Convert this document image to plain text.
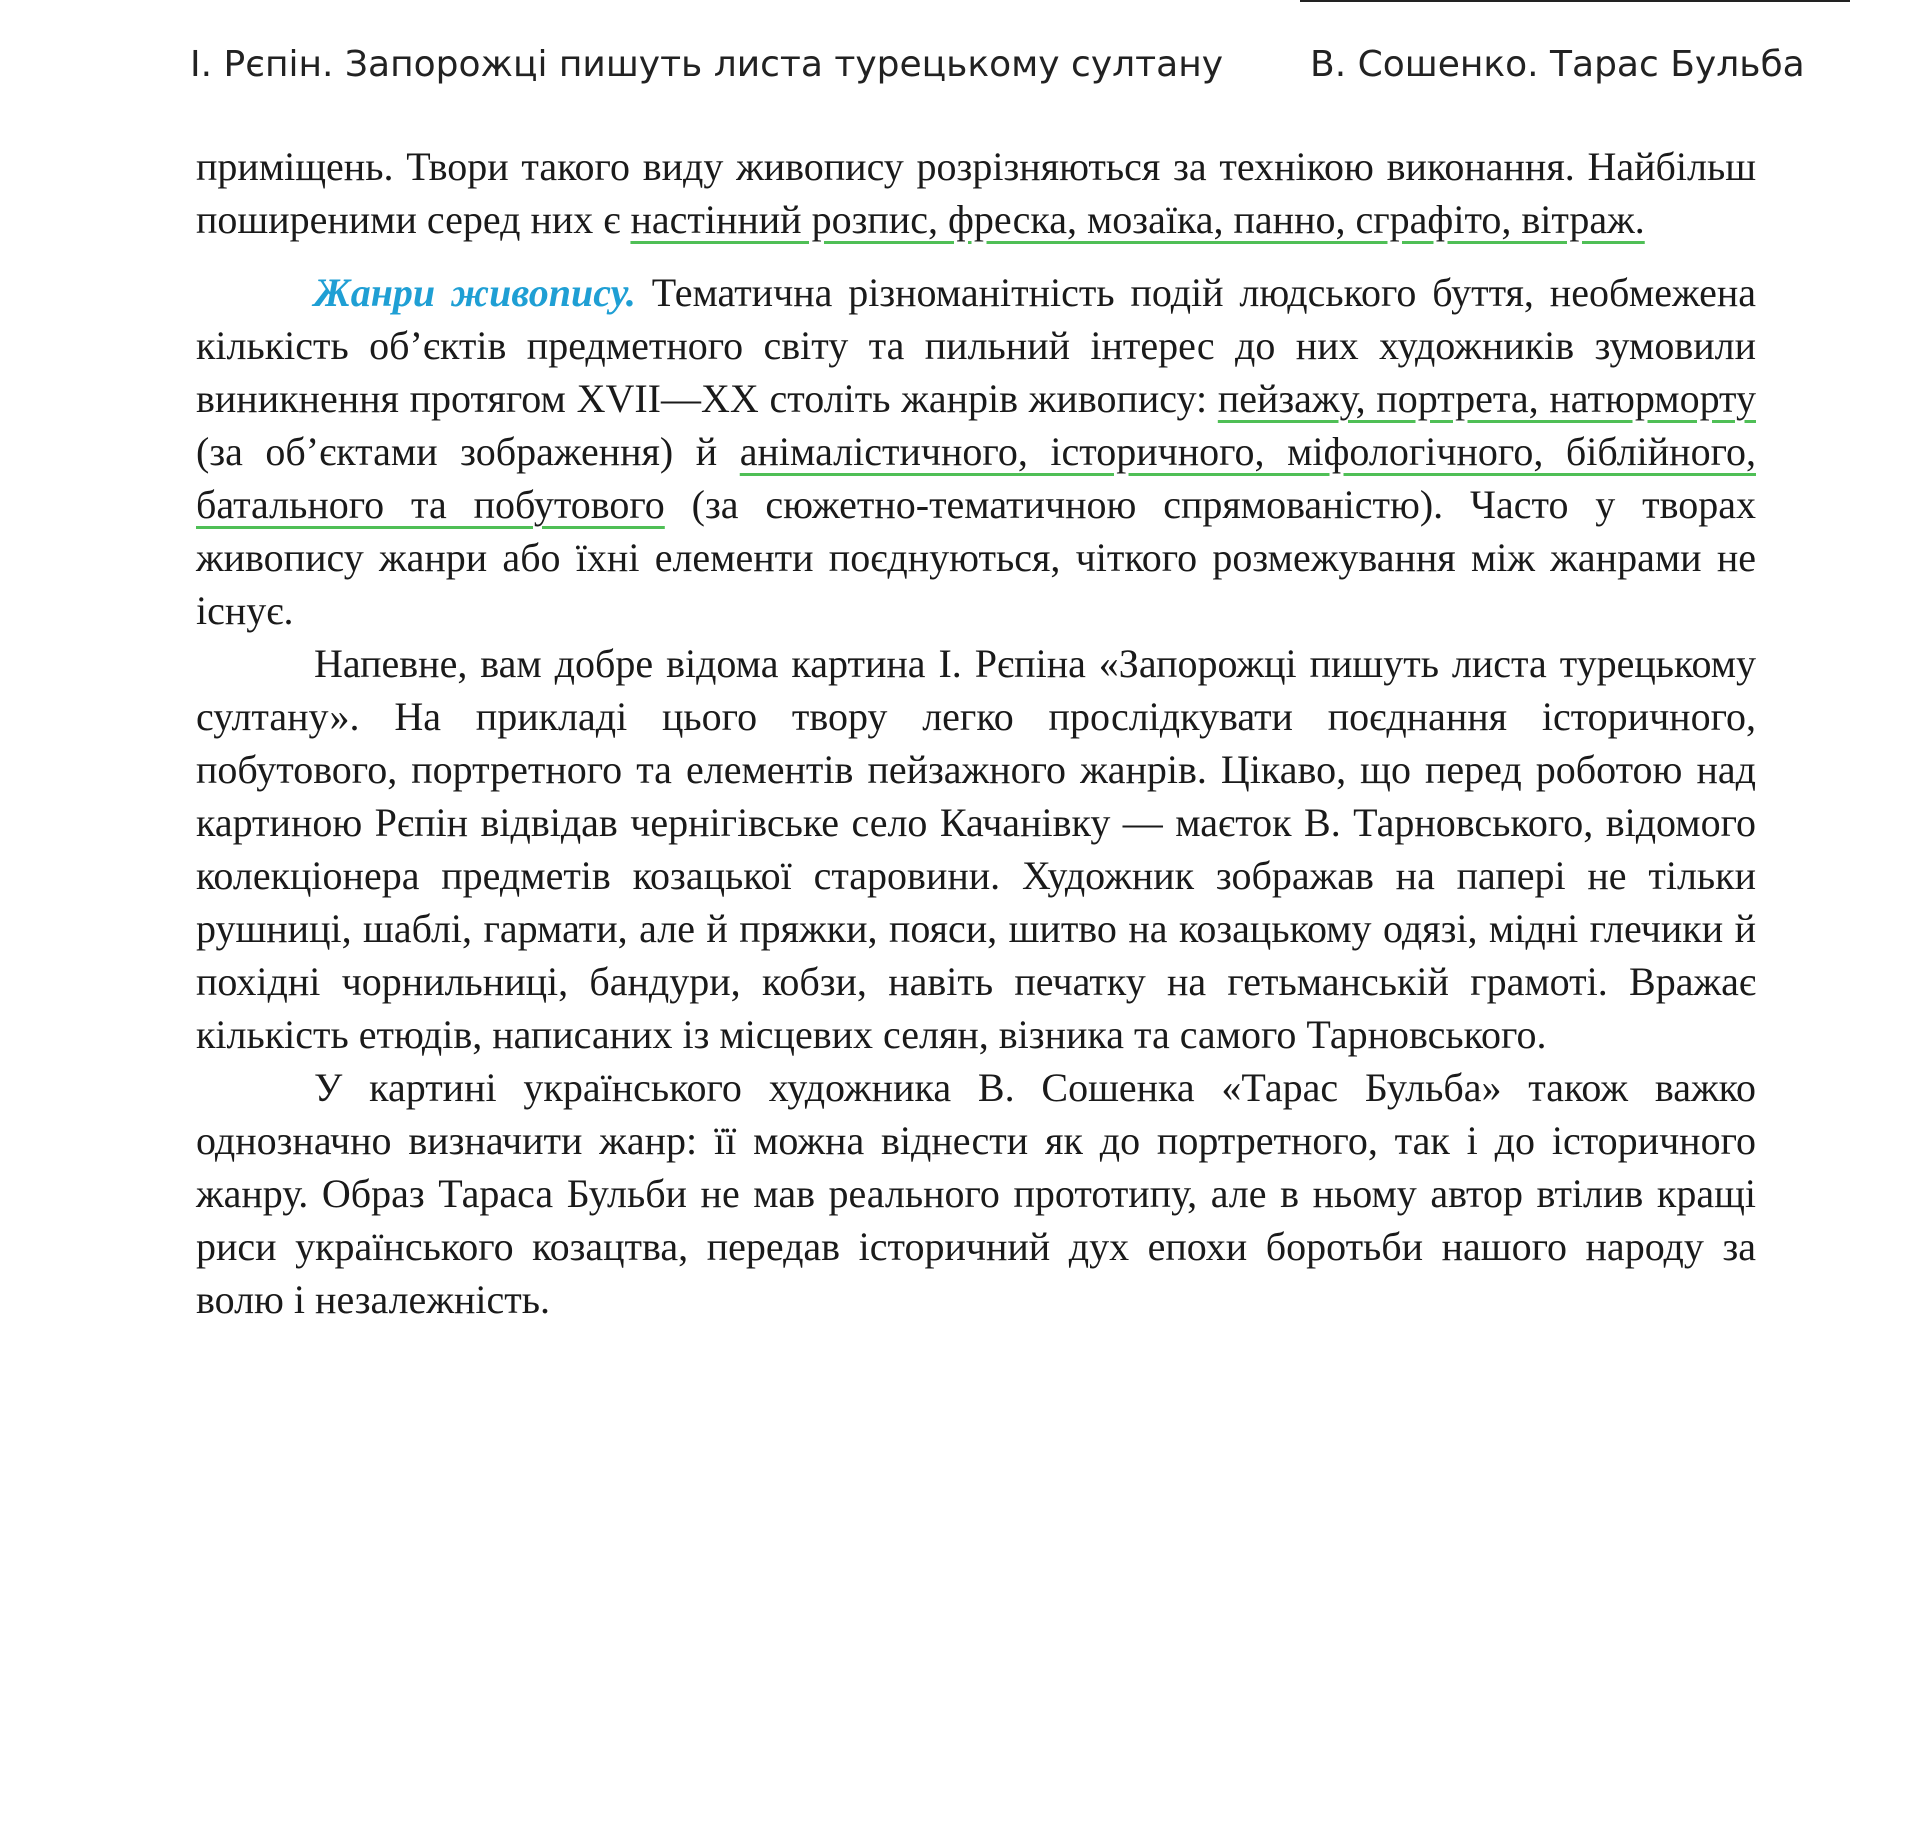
І. Рєпін. Запорожці пишуть листа турецькому султану В. Сошенко. Тарас Бульба

приміщень. Твори такого виду живопису розрізняються за технікою виконання. Найбільш поширеними серед них є настінний розпис, фреска, мозаїка, панно, сграфіто, вітраж.

Жанри живопису. Тематична різноманітність подій людського буття, необмежена кількість об’єктів предметного світу та пильний інтерес до них художників зумовили виникнення протягом XVII—XX століть жанрів живопису: пейзажу, портрета, натюрморту (за об’єктами зображення) й анімалістичного, історичного, міфологічного, біблійного, батального та побутового (за сюжетно-тематичною спрямованістю). Часто у творах живопису жанри або їхні елементи поєднуються, чіткого розмежування між жанрами не існує.

Напевне, вам добре відома картина І. Рєпіна «Запорожці пишуть листа турецькому султану». На прикладі цього твору легко прослідкувати поєднання історичного, побутового, портретного та елементів пейзажного жанрів. Цікаво, що перед роботою над картиною Рєпін відвідав чернігівське село Качанівку — маєток В. Тарновського, відомого колекціонера предметів козацької старовини. Художник зображав на папері не тільки рушниці, шаблі, гармати, але й пряжки, пояси, шитво на козацькому одязі, мідні глечики й похідні чорнильниці, бандури, кобзи, навіть печатку на гетьманській грамоті. Вражає кількість етюдів, написаних із місцевих селян, візника та самого Тарновського.

У картині українського художника В. Сошенка «Тарас Бульба» також важко однозначно визначити жанр: її можна віднести як до портретного, так і до історичного жанру. Образ Тараса Бульби не мав реального прототипу, але в ньому автор втілив кращі риси українського козацтва, передав історичний дух епохи боротьби нашого народу за волю і незалежність.
